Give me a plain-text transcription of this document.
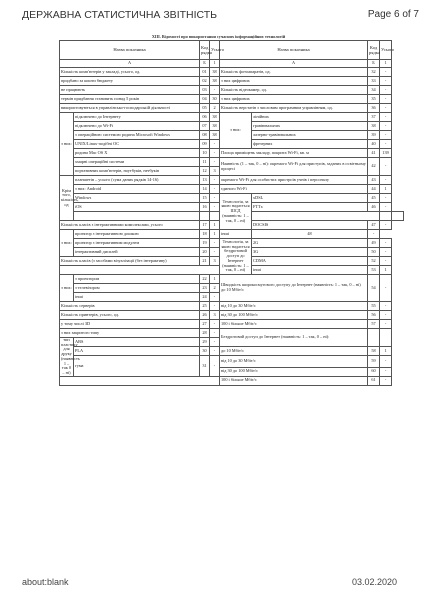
ДЕРЖАВНА СТАТИСТИЧНА ЗВІТНІСТЬ	Page 6 of 7
XIII. Відомості про використання сучасних інформаційних технологій
Назва показника		Код рядка	Усього	Назва показника		Код рядка	Усього	
А		Б	1	А		Б	1	
Кількість комп'ютерів у закладі, усього, од.		01	38	Кількість фотоапаратів, од.		32	-	
придбано за кошти бюджету		02	38	з них цифрових		33	-	
не працюють		03	-	Кількість відеокамер, од.		34	-	
термін придбання становить понад 5 років		04	30	з них цифрових		35	-	
використовуються в управлінсько-господарській діяльності		05	2	Кількість верстатів з числовим програмним управлінням, од.		36	-	
з них:	підключено до Інтернету	06	38	з них:	лінійних	37	-	
	підключено до Wi-Fi	07	38		гравіювальних	38	-	
	з операційною системою родина Microsoft Windows	08	38		лазерно-гравіювальних	39	-	
	UNIX/Linux-подібні ОС	09	-		фрезерних	40	-	
	родина Mac OS X	10	-	Площа приміщень закладу, покрита Wi-Fi, кв. м		41	139	
	хмарні операційні системи	11	-	Наявність (1 – так, 0 – ні): окремого Wi-Fi для приступів, заданих в освітньому процесі		42	-	
	портативних комп'ютерів, ноутбуків, нетбуків	12	3					
Крім того, кількість, од	планшетів – усього (сума даних рядків 14-16)	13	-	окремого Wi-Fi для особистих пристроїв учнів і персоналу		43	-	
	з них: Android	14	-	єдиного Wi-Fi		44	1	
	Windows	15	-	Технологія, за якою надається ШСД (наявність: 1 – так, 0 – ні)	xDSL	45	-	
	iOS	16	-		FTTx	46	-	

Кількість класів з інтерактивними комплексами, усього		17	1		DOCSIS	47	-	
з них:	проектор з інтерактивною дошкою	18	1	інші	48	-		
	проектор з інтерактивним модулем	19	-	Технологія, за якою надається бездротовий доступ до Інтернет (наявність: 1 – так, 0 – ні)	2G	49	-	
	інтерактивний дисплей	20	-		3G	50	-	
Кількість класів (з засобами візуалізації (без інтерактиву)		21	3		CDMA	52	-	
					інші	53	1	
з них:	з проектором	22	1	Швидкість широкосмугового доступу до Інтернет (наявність: 1 – так, 0 – ні) до 10 Мбіт/с		54	-	
	з телевізором	23	2					
	інші	24	-					
Кількість серверів		25	-	від 10 до 30 Мбіт/с		55	-	
Кількість принтерів, усього, од.		26	3	від 30 до 100 Мбіт/с		56	-	
у тому числі 3D		27	-	100 і більше Мбіт/с		57	-	
з них закритого типу		28	-	Бездротовий доступ до Інтернет (наявність: 1 – так, 0 – ні):				
тип пластику для друку (наявність 1 – так 0 – ні)	ABS	29	-					
	PLA	30	-	до 10 Мбіт/с		58	1	
	гума	31	-	від 10 до 30 Мбіт/с		59	-	
				від 30 до 100 Мбіт/с		60	-	
				100 і більше Мбіт/с		61	-	
about:blank	03.02.2020
